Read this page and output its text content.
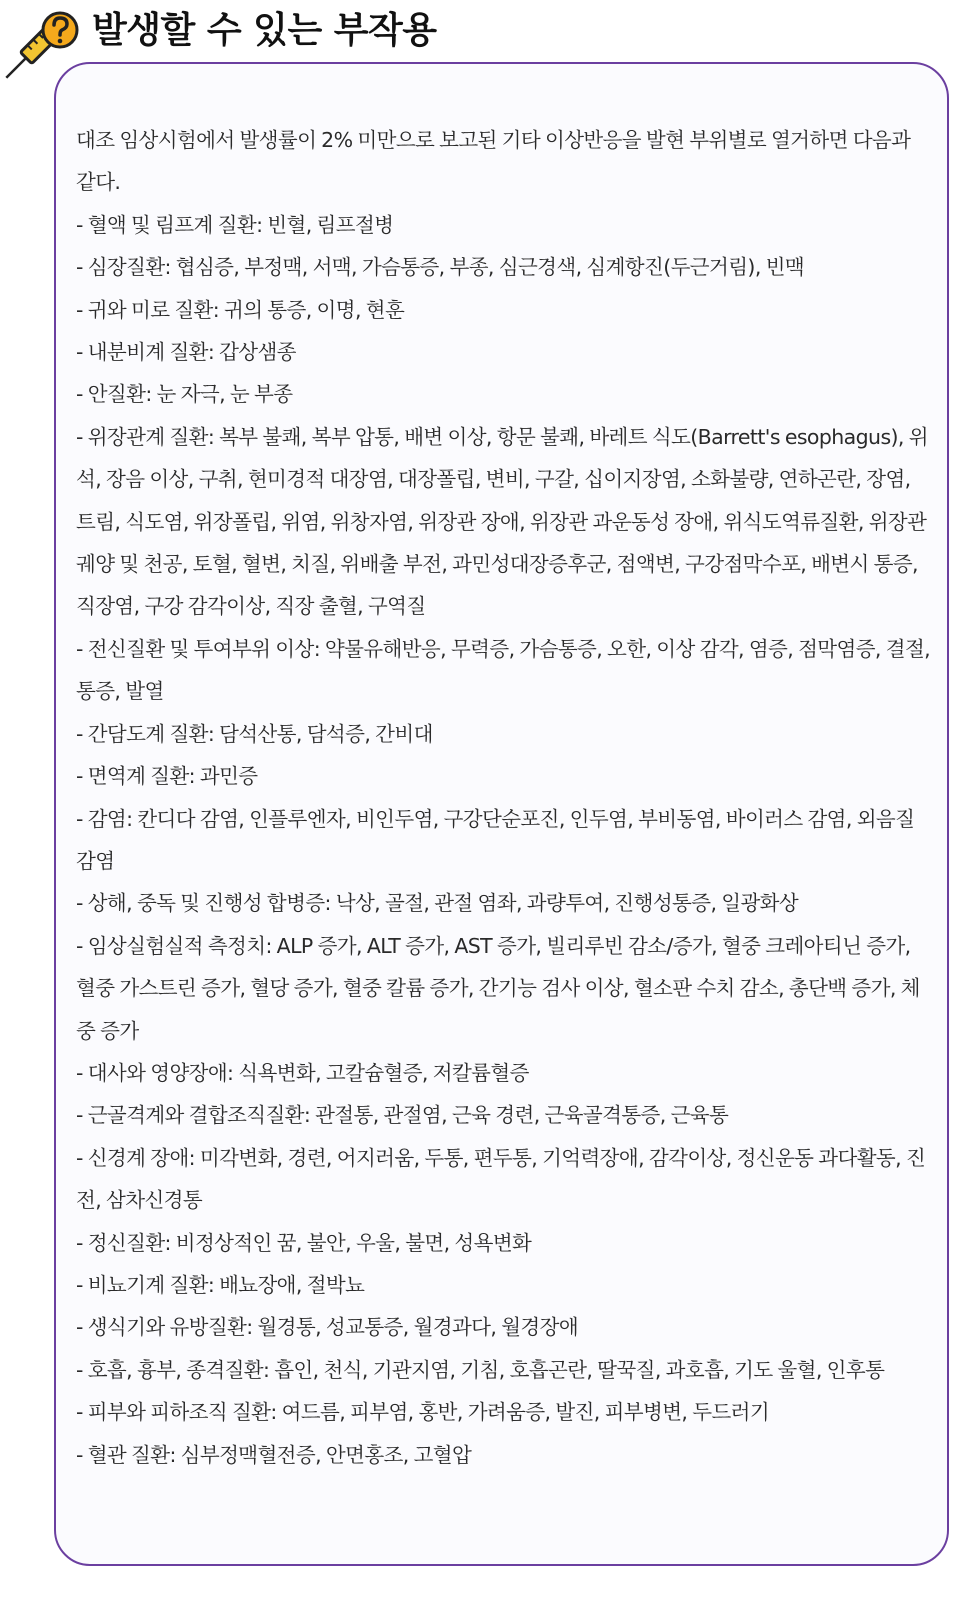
발생할 수 있는 부작용

대조 임상시험에서 발생률이 2% 미만으로 보고된 기타 이상반응을 발현 부위별로 열거하면 다음과 같다.

- 혈액 및 림프계 질환: 빈혈, 림프절병

- 심장질환: 협심증, 부정맥, 서맥, 가슴통증, 부종, 심근경색, 심계항진(두근거림), 빈맥

- 귀와 미로 질환: 귀의 통증, 이명, 현훈

- 내분비계 질환: 갑상샘종

- 안질환: 눈 자극, 눈 부종

- 위장관계 질환: 복부 불쾌, 복부 압통, 배변 이상, 항문 불쾌, 바레트 식도(Barrett's esophagus), 위석, 장음 이상, 구취, 현미경적 대장염, 대장폴립, 변비, 구갈, 십이지장염, 소화불량, 연하곤란, 장염, 트림, 식도염, 위장폴립, 위염, 위창자염, 위장관 장애, 위장관 과운동성 장애, 위식도역류질환, 위장관 궤양 및 천공, 토혈, 혈변, 치질, 위배출 부전, 과민성대장증후군, 점액변, 구강점막수포, 배변시 통증, 직장염, 구강 감각이상, 직장 출혈, 구역질

- 전신질환 및 투여부위 이상: 약물유해반응, 무력증, 가슴통증, 오한, 이상 감각, 염증, 점막염증, 결절, 통증, 발열

- 간담도계 질환: 담석산통, 담석증, 간비대

- 면역계 질환: 과민증

- 감염: 칸디다 감염, 인플루엔자, 비인두염, 구강단순포진, 인두염, 부비동염, 바이러스 감염, 외음질 감염

- 상해, 중독 및 진행성 합병증: 낙상, 골절, 관절 염좌, 과량투여, 진행성통증, 일광화상

- 임상실험실적 측정치: ALP 증가, ALT 증가, AST 증가, 빌리루빈 감소/증가, 혈중 크레아티닌 증가, 혈중 가스트린 증가, 혈당 증가, 혈중 칼륨 증가, 간기능 검사 이상, 혈소판 수치 감소, 총단백 증가, 체중 증가

- 대사와 영양장애: 식욕변화, 고칼슘혈증, 저칼륨혈증

- 근골격계와 결합조직질환: 관절통, 관절염, 근육 경련, 근육골격통증, 근육통

- 신경계 장애: 미각변화, 경련, 어지러움, 두통, 편두통, 기억력장애, 감각이상, 정신운동 과다활동, 진전, 삼차신경통

- 정신질환: 비정상적인 꿈, 불안, 우울, 불면, 성욕변화

- 비뇨기계 질환: 배뇨장애, 절박뇨

- 생식기와 유방질환: 월경통, 성교통증, 월경과다, 월경장애

- 호흡, 흉부, 종격질환: 흡인, 천식, 기관지염, 기침, 호흡곤란, 딸꾹질, 과호흡, 기도 울혈, 인후통

- 피부와 피하조직 질환: 여드름, 피부염, 홍반, 가려움증, 발진, 피부병변, 두드러기

- 혈관 질환: 심부정맥혈전증, 안면홍조, 고혈압
